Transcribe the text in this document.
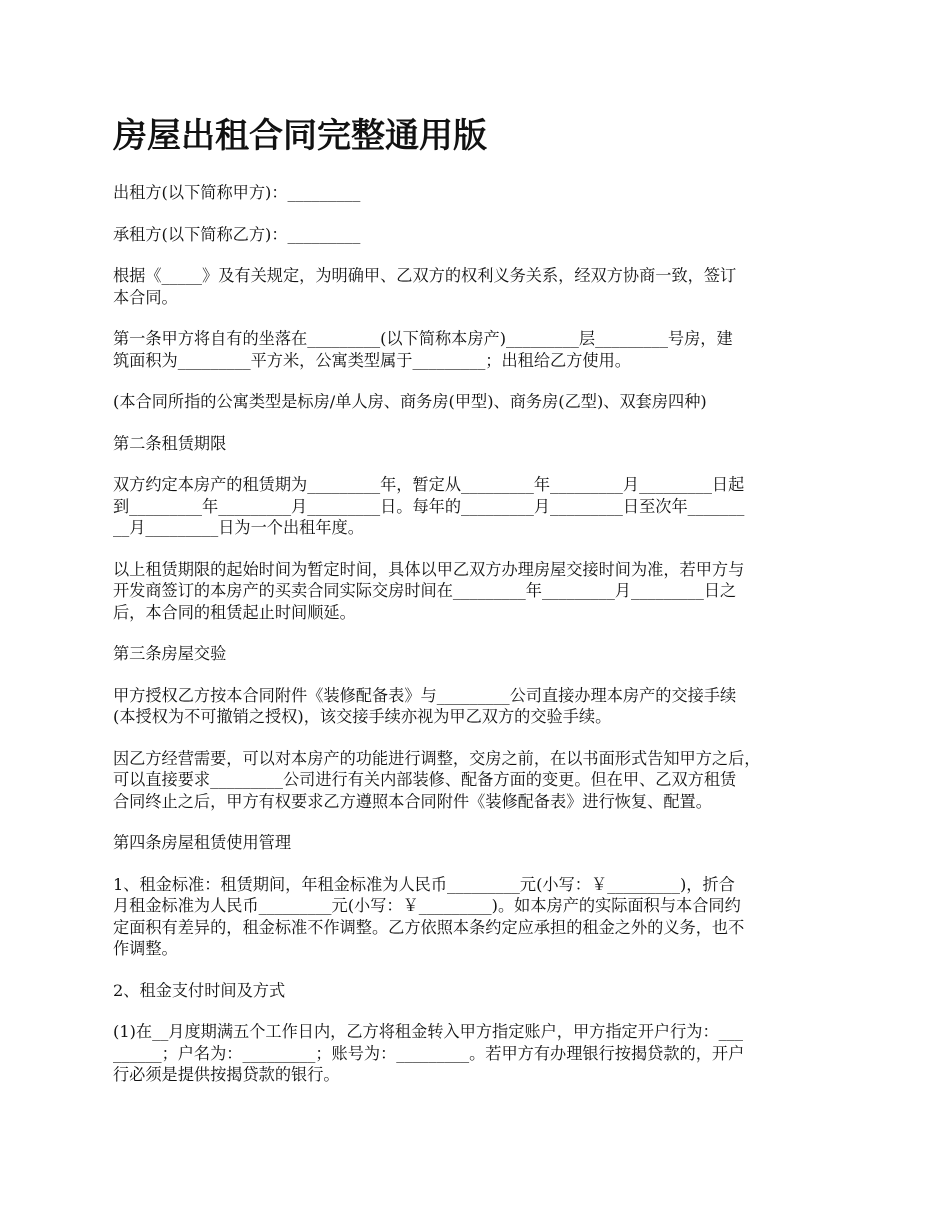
房屋出租合同完整通用版

出租方(以下简称甲方)：_________

承租方(以下简称乙方)：_________

根据《_____》及有关规定，为明确甲、乙双方的权利义务关系，经双方协商一致，签订
本合同。

第一条甲方将自有的坐落在_________(以下简称本房产)_________层_________号房，建
筑面积为_________平方米，公寓类型属于_________；出租给乙方使用。

(本合同所指的公寓类型是标房/单人房、商务房(甲型)、商务房(乙型)、双套房四种)

第二条租赁期限

双方约定本房产的租赁期为_________年，暂定从_________年_________月_________日起
到_________年_________月_________日。每年的_________月_________日至次年_______
__月_________日为一个出租年度。

以上租赁期限的起始时间为暂定时间，具体以甲乙双方办理房屋交接时间为准，若甲方与
开发商签订的本房产的买卖合同实际交房时间在_________年_________月_________日之
后，本合同的租赁起止时间顺延。

第三条房屋交验

甲方授权乙方按本合同附件《装修配备表》与_________公司直接办理本房产的交接手续
(本授权为不可撤销之授权)，该交接手续亦视为甲乙双方的交验手续。

因乙方经营需要，可以对本房产的功能进行调整，交房之前，在以书面形式告知甲方之后，
可以直接要求_________公司进行有关内部装修、配备方面的变更。但在甲、乙双方租赁
合同终止之后，甲方有权要求乙方遵照本合同附件《装修配备表》进行恢复、配置。

第四条房屋租赁使用管理

1、租金标准：租赁期间，年租金标准为人民币_________元(小写：￥_________)，折合
月租金标准为人民币_________元(小写：￥_________)。如本房产的实际面积与本合同约
定面积有差异的，租金标准不作调整。乙方依照本条约定应承担的租金之外的义务，也不
作调整。

2、租金支付时间及方式

(1)在__月度期满五个工作日内，乙方将租金转入甲方指定账户，甲方指定开户行为：___
______；户名为：_________；账号为：_________。若甲方有办理银行按揭贷款的，开户
行必须是提供按揭贷款的银行。
